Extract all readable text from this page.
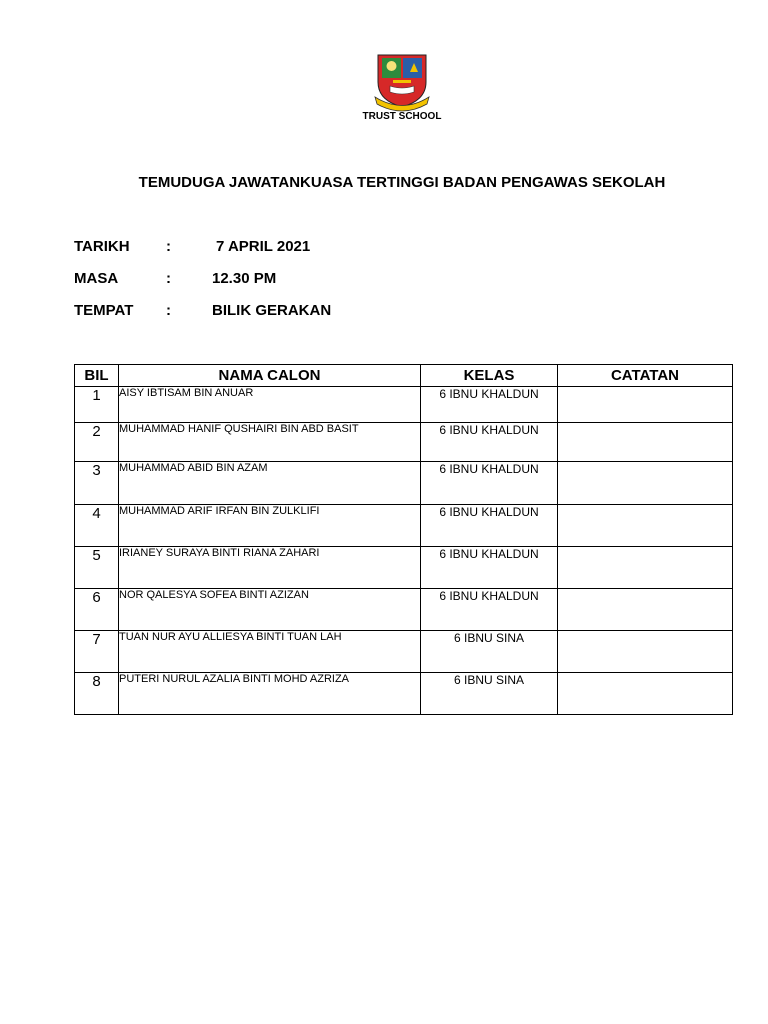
TRUST SCHOOL
TEMUDUGA JAWATANKUASA TERTINGGI BADAN PENGAWAS SEKOLAH
TARIKH :	7 APRIL 2021
MASA	:	12.30 PM
TEMPAT :	BILIK GERAKAN
BIL	NAMA CALON	KELAS	CATATAN
1	AISY IBTISAM BIN ANUAR	6 IBNU KHALDUN	
2	MUHAMMAD HANIF QUSHAIRI BIN ABD BASIT	6 IBNU KHALDUN	
3	MUHAMMAD ABID BIN AZAM	6 IBNU KHALDUN	
4	MUHAMMAD ARIF IRFAN BIN ZULKLIFI	6 IBNU KHALDUN	
5	IRIANEY SURAYA BINTI RIANA ZAHARI	6 IBNU KHALDUN	
6	NOR QALESYA SOFEA BINTI AZIZAN	6 IBNU KHALDUN	
7	TUAN NUR AYU ALLIESYA BINTI TUAN LAH	6 IBNU SINA	
8	PUTERI NURUL AZALIA BINTI MOHD AZRIZA	6 IBNU SINA	
